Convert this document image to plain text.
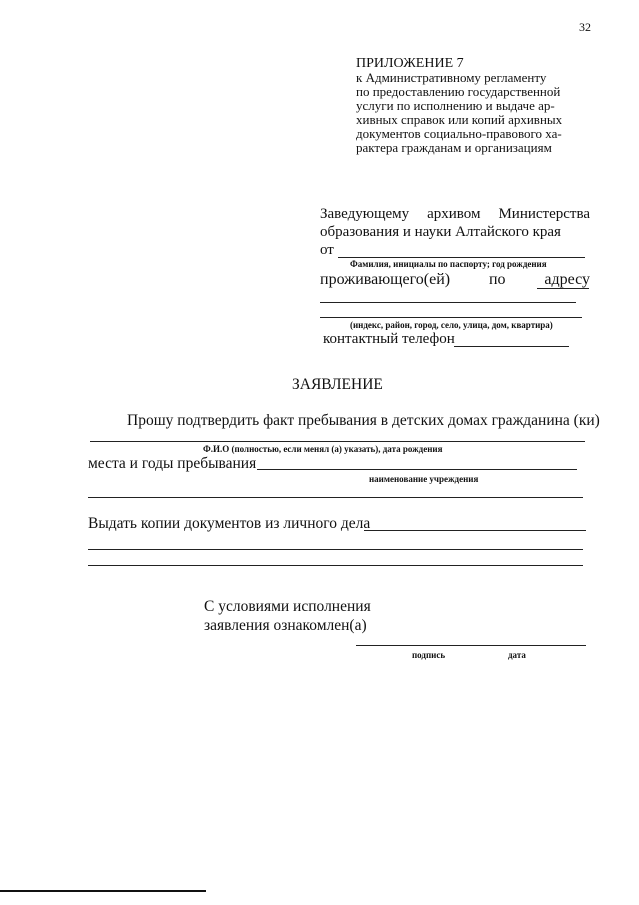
32
ПРИЛОЖЕНИЕ 7
к Административному регламенту
по предоставлению государственной
услуги по исполнению и выдаче ар-
хивных справок или копий архивных
документов социально-правового ха-
рактера гражданам и организациям
Заведующему архивом Министерства
образования и науки Алтайского края
от
Фамилия, инициалы по паспорту; год рождения
проживающего(ей) по адресу
(индекс, район, город, село, улица, дом, квартира)
контактный телефон
ЗАЯВЛЕНИЕ
Прошу подтвердить факт пребывания в детских домах гражданина (ки)
Ф.И.О (полностью, если менял (а) указать), дата рождения
места и годы пребывания
наименование учреждения
Выдать копии документов из личного дела
С условиями исполнения
заявления ознакомлен(а)
подпись	дата
